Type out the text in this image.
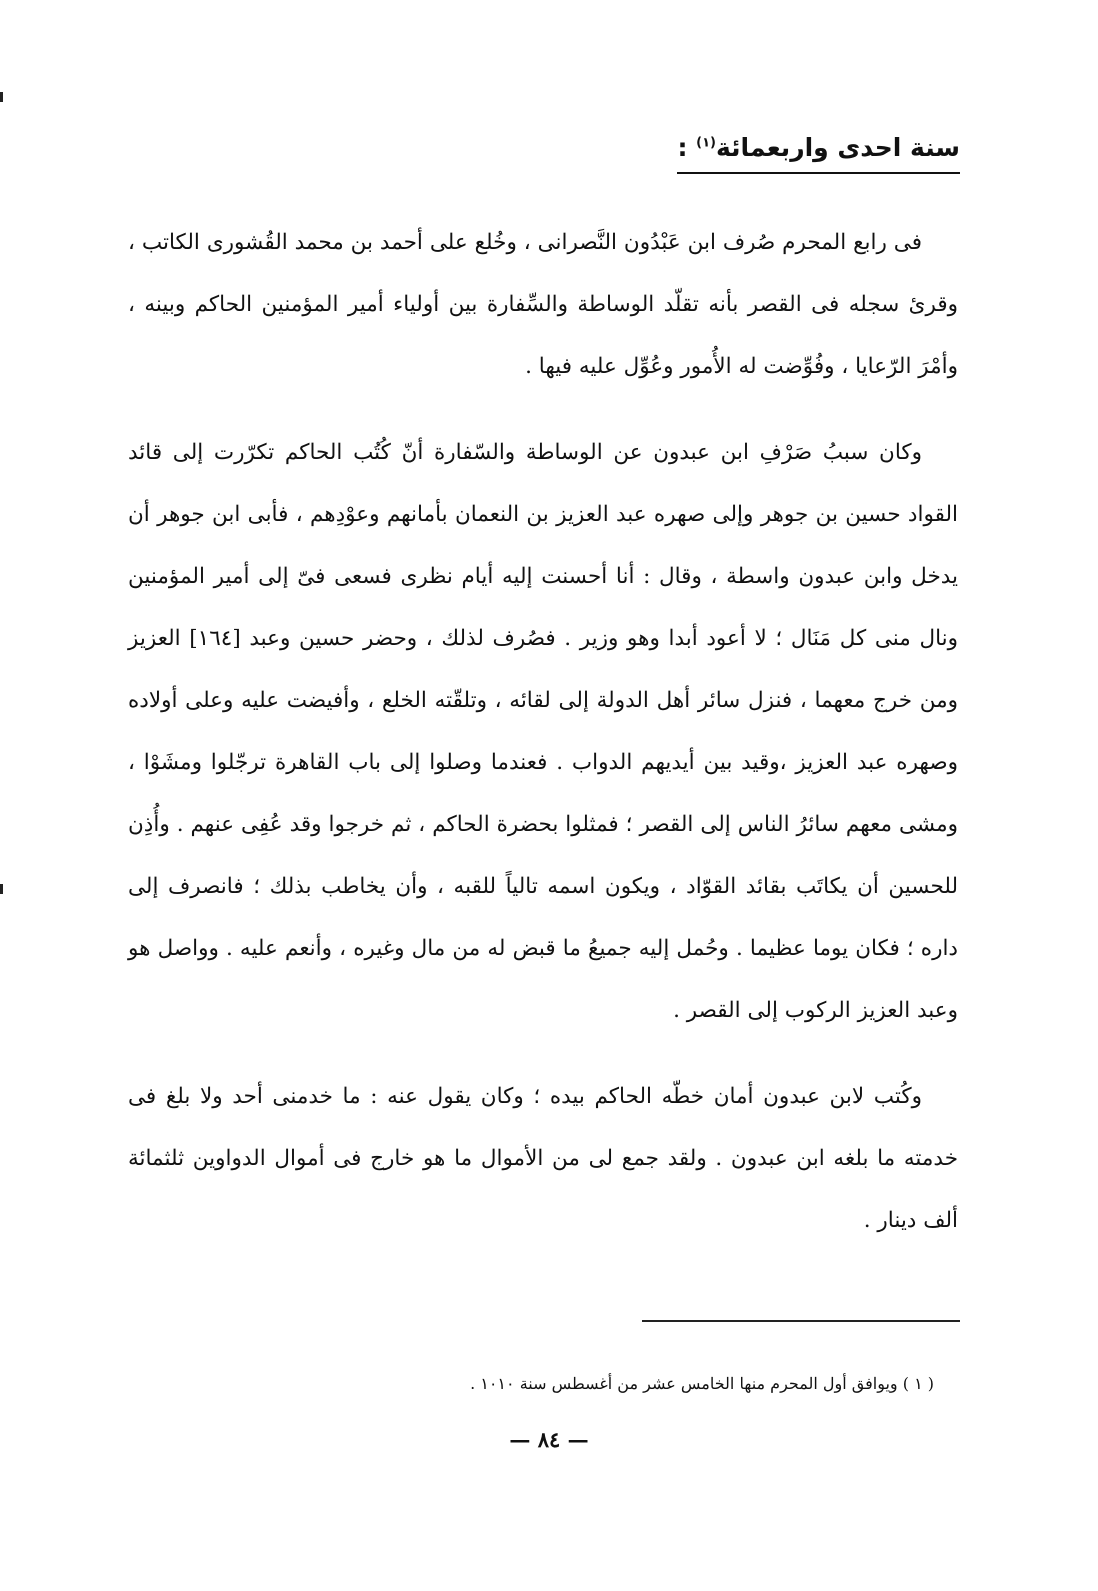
سنة احدى واربعمائة$^{(١)}$ :

فى رابع المحرم صُرف ابن عَبْدُون النَّصرانى ، وخُلع على أحمد بن محمد القُشورى الكاتب ، وقرئ سجله فى القصر بأنه تقلّد الوساطة والسِّفارة بين أولياء أمير المؤمنين الحاكم وبينه ، وأمْرَ الرّعايا ، وفُوِّضت له الأُمور وعُوِّل عليه فيها .

وكان سببُ صَرْفِ ابن عبدون عن الوساطة والسّفارة أنّ كُتُب الحاكم تكرّرت إلى قائد القواد حسين بن جوهر وإلى صهره عبد العزيز بن النعمان بأمانهم وعوْدِهم ، فأبى ابن جوهر أن يدخل وابن عبدون واسطة ، وقال : أنا أحسنت إليه أيام نظرى فسعى فىّ إلى أمير المؤمنين ونال منى كل مَنَال ؛ لا أعود أبدا وهو وزير . فصُرف لذلك ، وحضر حسين وعبد [١٦٤] العزيز ومن خرج معهما ، فنزل سائر أهل الدولة إلى لقائه ، وتلقّته الخلع ، وأفيضت عليه وعلى أولاده وصهره عبد العزيز ،وقيد بين أيديهم الدواب . فعندما وصلوا إلى باب القاهرة ترجّلوا ومشَوْا ، ومشى معهم سائرُ الناس إلى القصر ؛ فمثلوا بحضرة الحاكم ، ثم خرجوا وقد عُفِى عنهم . وأُذِن للحسين أن يكاتَب بقائد القوّاد ، ويكون اسمه تالياً للقبه ، وأن يخاطب بذلك ؛ فانصرف إلى داره ؛ فكان يوما عظيما . وحُمل إليه جميعُ ما قبض له من مال وغيره ، وأنعم عليه . وواصل هو وعبد العزيز الركوب إلى القصر .

وكُتب لابن عبدون أمان خطّه الحاكم بيده ؛ وكان يقول عنه : ما خدمنى أحد ولا بلغ فى خدمته ما بلغه ابن عبدون . ولقد جمع لى من الأموال ما هو خارج فى أموال الدواوين ثلثمائة ألف دينار .

( ١ ) ويوافق أول المحرم منها الخامس عشر من أغسطس سنة ١٠١٠ .
— ٨٤ —
